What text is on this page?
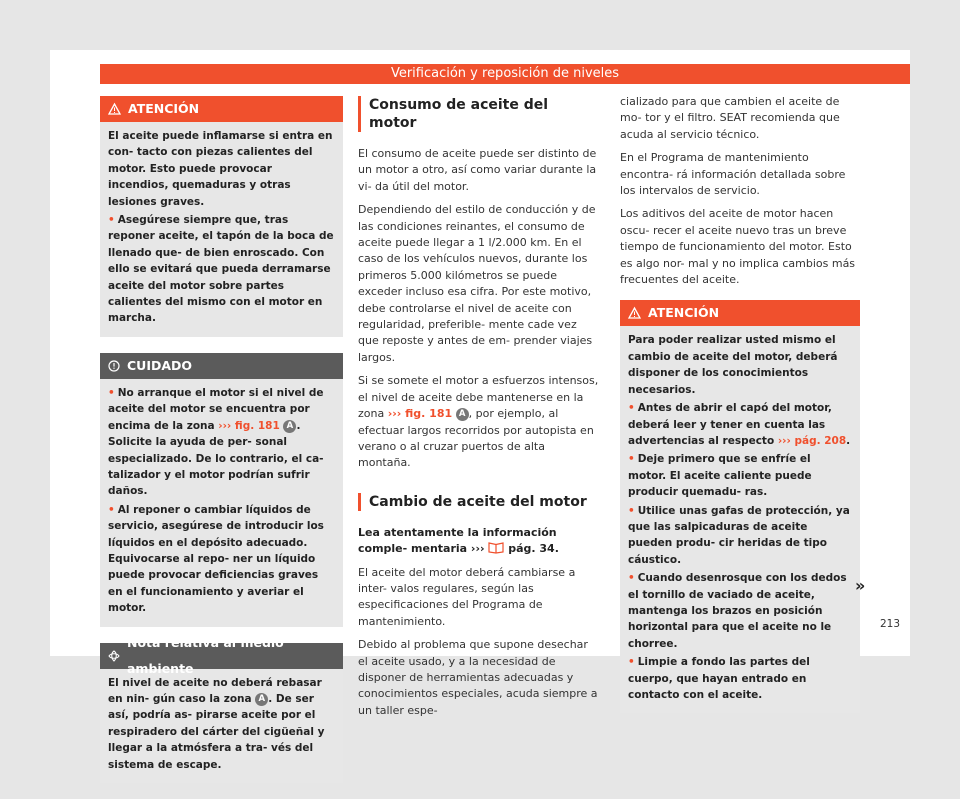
Verificación y reposición de niveles
ATENCIÓN

El aceite puede inflamarse si entra en con- tacto con piezas calientes del motor. Esto puede provocar incendios, quemaduras y otras lesiones graves.

• Asegúrese siempre que, tras reponer aceite, el tapón de la boca de llenado que- de bien enroscado. Con ello se evitará que pueda derramarse aceite del motor sobre partes calientes del mismo con el motor en marcha.

CUIDADO

• No arranque el motor si el nivel de aceite del motor se encuentra por encima de la zona ››› fig. 181 A . Solicite la ayuda de per- sonal especializado. De lo contrario, el ca- talizador y el motor podrían sufrir daños.

• Al reponer o cambiar líquidos de servicio, asegúrese de introducir los líquidos en el depósito adecuado. Equivocarse al repo- ner un líquido puede provocar deficiencias graves en el funcionamiento y averiar el motor.

Nota relativa al medio ambiente

El nivel de aceite no deberá rebasar en nin- gún caso la zona A . De ser así, podría as- pirarse aceite por el respiradero del cárter del cigüeñal y llegar a la atmósfera a tra- vés del sistema de escape.

Consumo de aceite del motor

El consumo de aceite puede ser distinto de un motor a otro, así como variar durante la vi- da útil del motor.

Dependiendo del estilo de conducción y de las condiciones reinantes, el consumo de aceite puede llegar a 1 l/2.000 km. En el caso de los vehículos nuevos, durante los primeros 5.000 kilómetros se puede exceder incluso esa cifra. Por este motivo, debe controlarse el nivel de aceite con regularidad, preferible- mente cade vez que reposte y antes de em- prender viajes largos.

Si se somete el motor a esfuerzos intensos, el nivel de aceite debe mantenerse en la zona ››› fig. 181 A , por ejemplo, al efectuar largos recorridos por autopista en verano o al cruzar puertos de alta montaña.

Cambio de aceite del motor

Lea atentamente la información comple- mentaria ››› pág. 34.

El aceite del motor deberá cambiarse a inter- valos regulares, según las especificaciones del Programa de mantenimiento.

Debido al problema que supone desechar el aceite usado, y a la necesidad de disponer de herramientas adecuadas y conocimientos especiales, acuda siempre a un taller espe-

cializado para que cambien el aceite de mo- tor y el filtro. SEAT recomienda que acuda al servicio técnico.

En el Programa de mantenimiento encontra- rá información detallada sobre los intervalos de servicio.

Los aditivos del aceite de motor hacen oscu- recer el aceite nuevo tras un breve tiempo de funcionamiento del motor. Esto es algo nor- mal y no implica cambios más frecuentes del aceite.

ATENCIÓN

Para poder realizar usted mismo el cambio de aceite del motor, deberá disponer de los conocimientos necesarios.

• Antes de abrir el capó del motor, deberá leer y tener en cuenta las advertencias al respecto ››› pág. 208.

• Deje primero que se enfríe el motor. El aceite caliente puede producir quemadu- ras.

• Utilice unas gafas de protección, ya que las salpicaduras de aceite pueden produ- cir heridas de tipo cáustico.

• Cuando desenrosque con los dedos el tornillo de vaciado de aceite, mantenga los brazos en posición horizontal para que el aceite no le chorree.

• Limpie a fondo las partes del cuerpo, que hayan entrado en contacto con el aceite.

»
213
